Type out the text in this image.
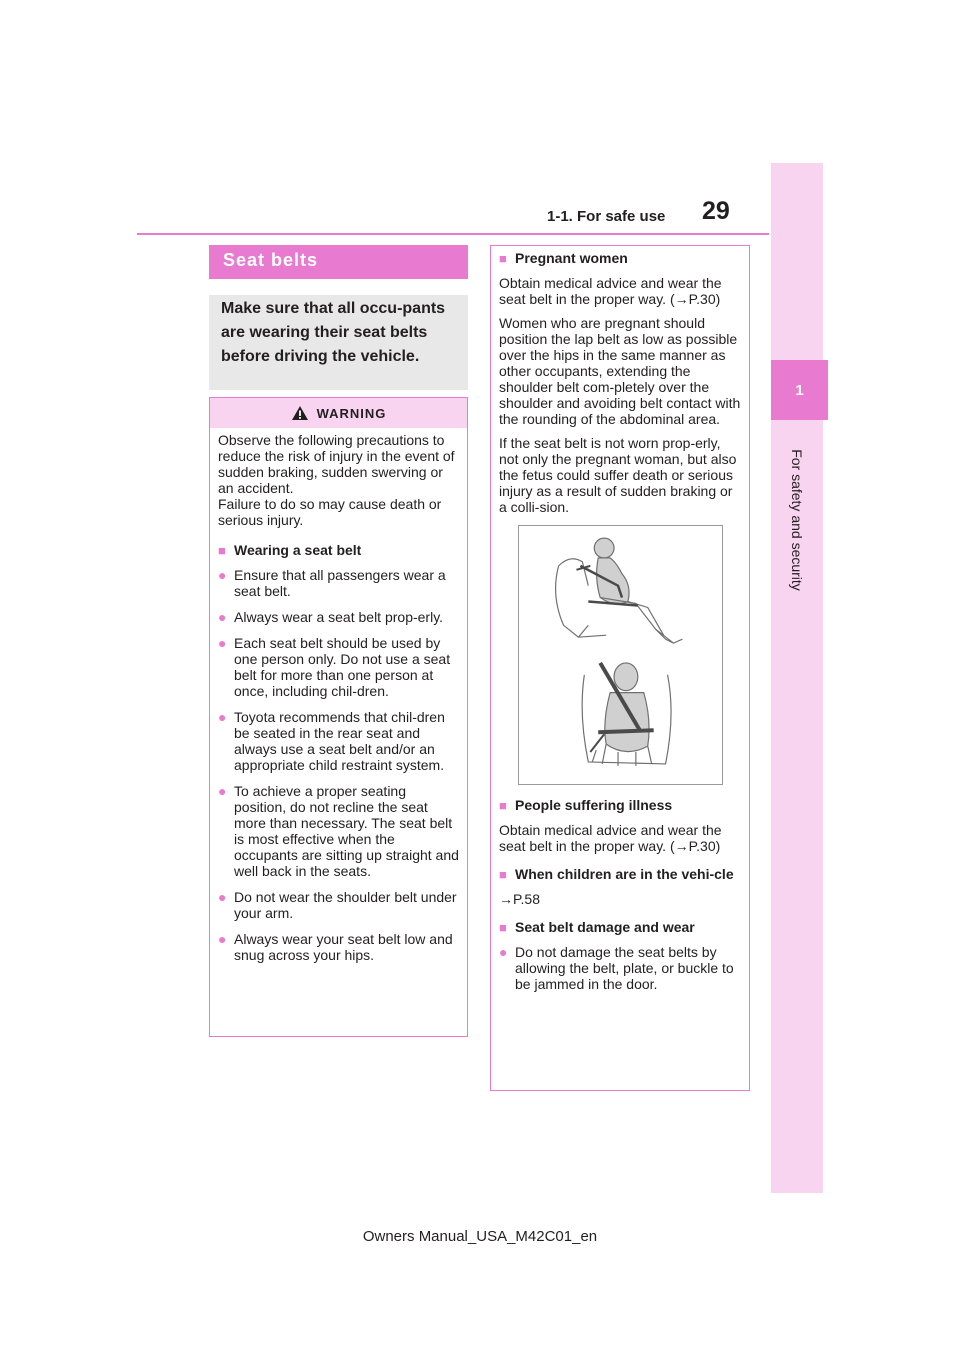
1-1. For safe use 29
1
For safety and security
Seat belts
Make sure that all occu-pants are wearing their seat belts before driving the vehicle.
WARNING

Observe the following precautions to reduce the risk of injury in the event of sudden braking, sudden swerving or an accident.

Failure to do so may cause death or serious injury.

■ Wearing a seat belt
● Ensure that all passengers wear a seat belt.
● Always wear a seat belt prop-erly.
● Each seat belt should be used by one person only. Do not use a seat belt for more than one person at once, including chil-dren.
● Toyota recommends that chil-dren be seated in the rear seat and always use a seat belt and/or an appropriate child restraint system.
● To achieve a proper seating position, do not recline the seat more than necessary. The seat belt is most effective when the occupants are sitting up straight and well back in the seats.
● Do not wear the shoulder belt under your arm.
● Always wear your seat belt low and snug across your hips.
■ Pregnant women

Obtain medical advice and wear the seat belt in the proper way. (→P.30)

Women who are pregnant should position the lap belt as low as possible over the hips in the same manner as other occupants, extending the shoulder belt com-pletely over the shoulder and avoiding belt contact with the rounding of the abdominal area.

If the seat belt is not worn prop-erly, not only the pregnant woman, but also the fetus could suffer death or serious injury as a result of sudden braking or a colli-sion.

■ People suffering illness

Obtain medical advice and wear the seat belt in the proper way. (→P.30)

■ When children are in the vehi-cle

→P.58

■ Seat belt damage and wear
● Do not damage the seat belts by allowing the belt, plate, or buckle to be jammed in the door.
Owners Manual_USA_M42C01_en
